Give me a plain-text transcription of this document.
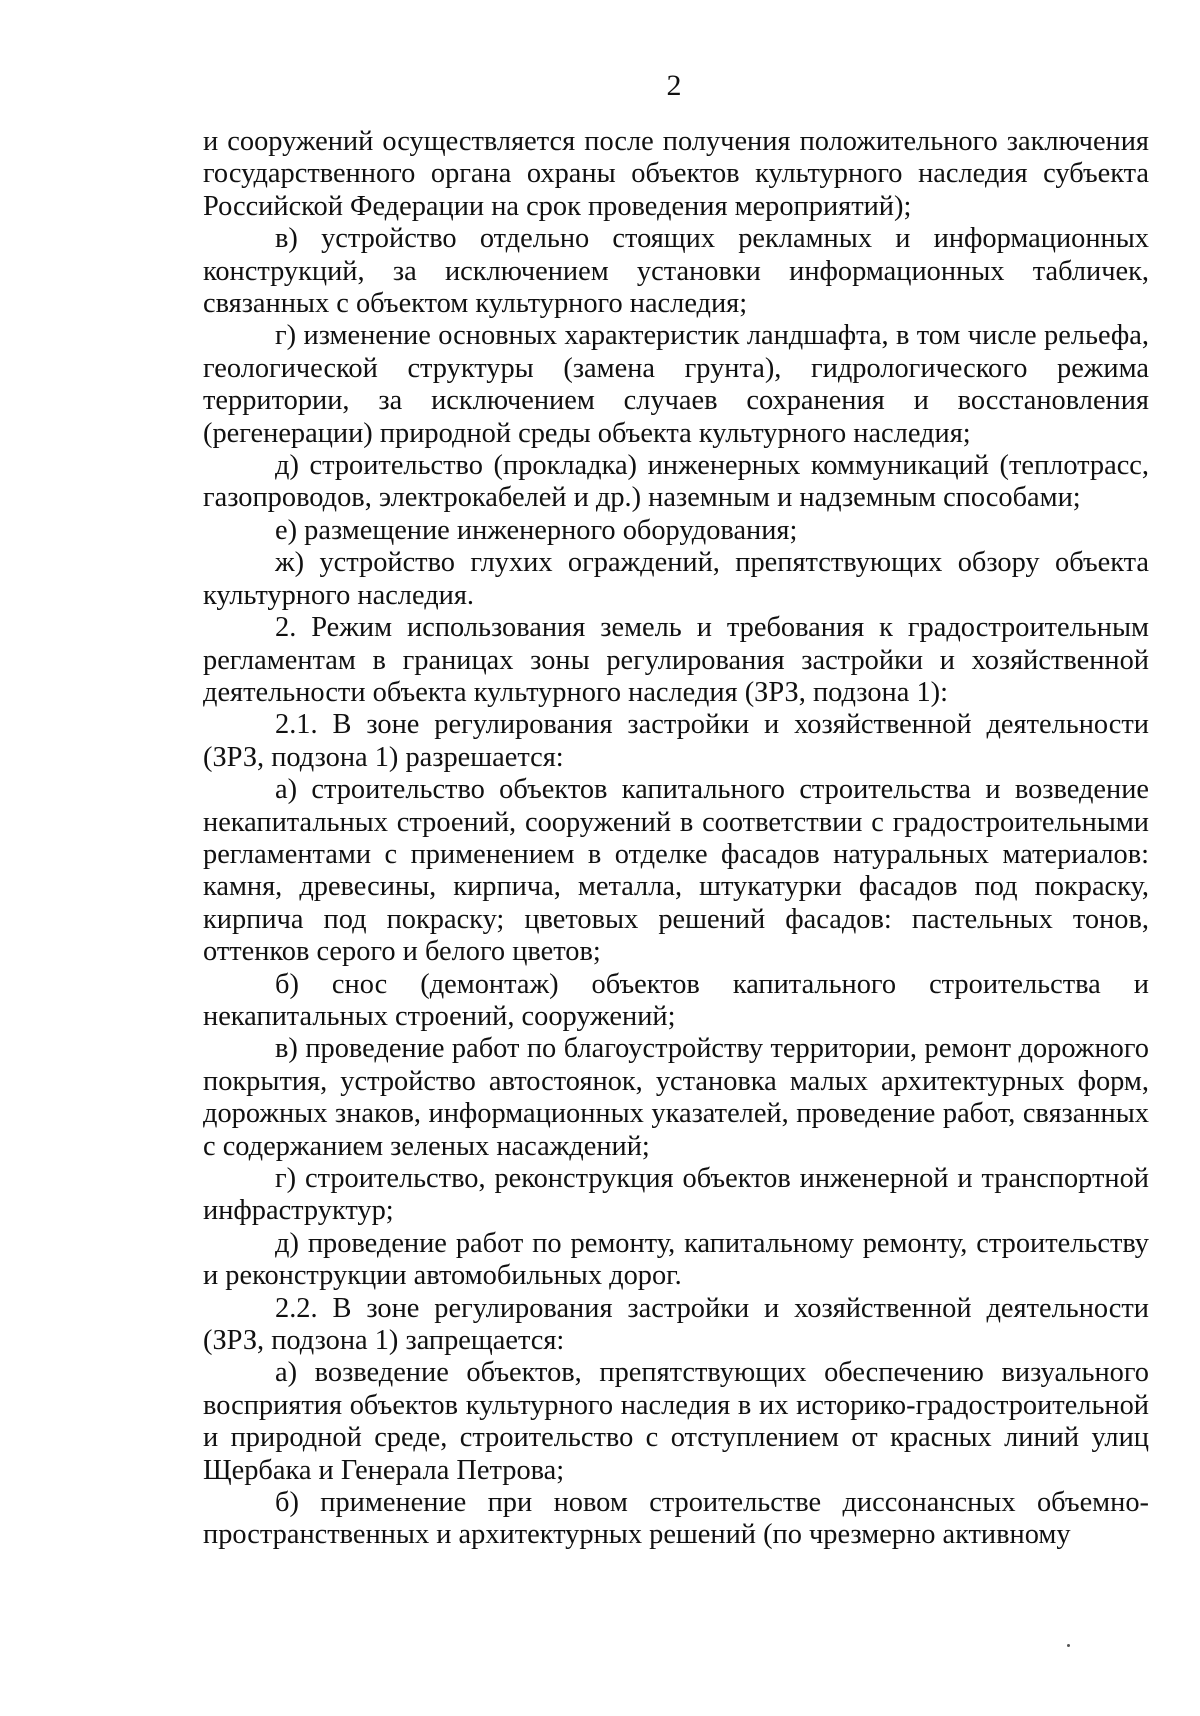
2

и сооружений осуществляется после получения положительного заключения государственного органа охраны объектов культурного наследия субъекта Российской Федерации на срок проведения мероприятий);

в) устройство отдельно стоящих рекламных и информационных конструкций, за исключением установки информационных табличек, связанных с объектом культурного наследия;

г) изменение основных характеристик ландшафта, в том числе рельефа, геологической структуры (замена грунта), гидрологического режима территории, за исключением случаев сохранения и восстановления (регенерации) природной среды объекта культурного наследия;

д) строительство (прокладка) инженерных коммуникаций (теплотрасс, газопроводов, электрокабелей и др.) наземным и надземным способами;

е) размещение инженерного оборудования;

ж) устройство глухих ограждений, препятствующих обзору объекта культурного наследия.

2. Режим использования земель и требования к градостроительным регламентам в границах зоны регулирования застройки и хозяйственной деятельности объекта культурного наследия (ЗРЗ, подзона 1):

2.1. В зоне регулирования застройки и хозяйственной деятельности (ЗРЗ, подзона 1) разрешается:

а) строительство объектов капитального строительства и возведение некапитальных строений, сооружений в соответствии с градостроительными регламентами с применением в отделке фасадов натуральных материалов: камня, древесины, кирпича, металла, штукатурки фасадов под покраску, кирпича под покраску; цветовых решений фасадов: пастельных тонов, оттенков серого и белого цветов;

б) снос (демонтаж) объектов капитального строительства и некапитальных строений, сооружений;

в) проведение работ по благоустройству территории, ремонт дорожного покрытия, устройство автостоянок, установка малых архитектурных форм, дорожных знаков, информационных указателей, проведение работ, связанных с содержанием зеленых насаждений;

г) строительство, реконструкция объектов инженерной и транспортной инфраструктур;

д) проведение работ по ремонту, капитальному ремонту, строительству и реконструкции автомобильных дорог.

2.2. В зоне регулирования застройки и хозяйственной деятельности (ЗРЗ, подзона 1) запрещается:

а) возведение объектов, препятствующих обеспечению визуального восприятия объектов культурного наследия в их историко-градостроительной и природной среде, строительство с отступлением от красных линий улиц Щербака и Генерала Петрова;

б) применение при новом строительстве диссонансных объемно-пространственных и архитектурных решений (по чрезмерно активному
